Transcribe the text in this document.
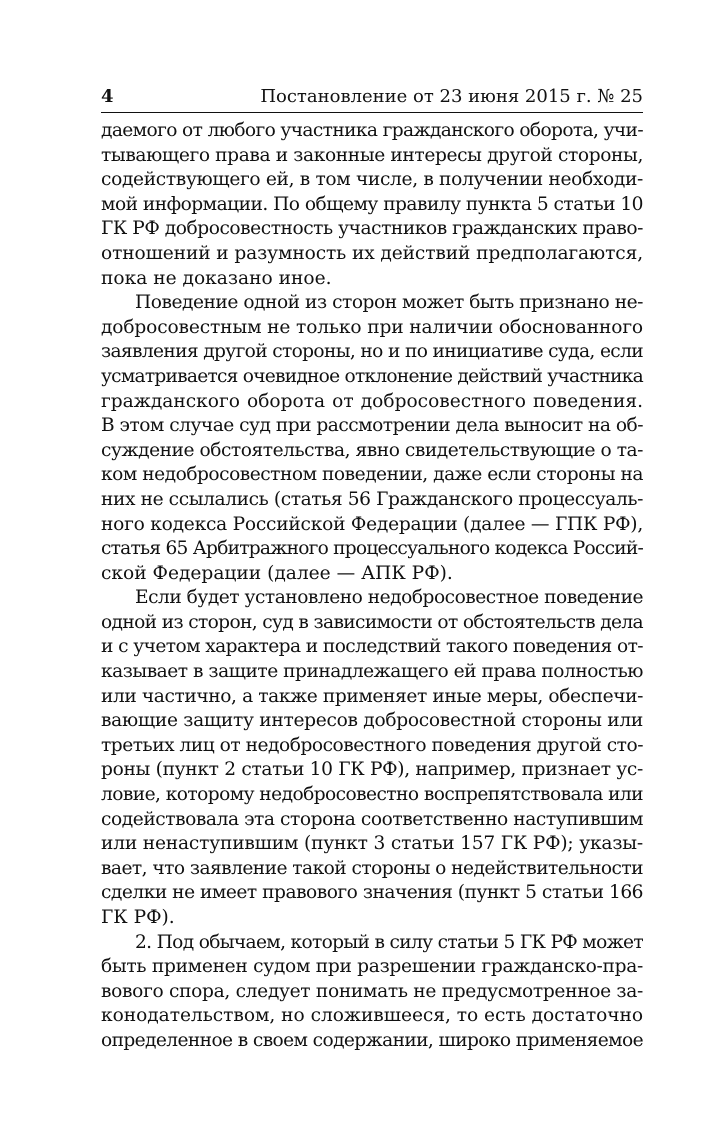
4	Постановление от 23 июня 2015 г. № 25
даемого от любого участника гражданского оборота, учи-
тывающего права и законные интересы другой стороны,
содействующего ей, в том числе, в получении необходи-
мой информации. По общему правилу пункта 5 статьи 10
ГК РФ добросовестность участников гражданских право-
отношений и разумность их действий предполагаются,
пока не доказано иное.
Поведение одной из сторон может быть признано не-
добросовестным не только при наличии обоснованного
заявления другой стороны, но и по инициативе суда, если
усматривается очевидное отклонение действий участника
гражданского оборота от добросовестного поведения.
В этом случае суд при рассмотрении дела выносит на об-
суждение обстоятельства, явно свидетельствующие о та-
ком недобросовестном поведении, даже если стороны на
них не ссылались (статья 56 Гражданского процессуаль-
ного кодекса Российской Федерации (далее — ГПК РФ),
статья 65 Арбитражного процессуального кодекса Россий-
ской Федерации (далее — АПК РФ).
Если будет установлено недобросовестное поведение
одной из сторон, суд в зависимости от обстоятельств дела
и с учетом характера и последствий такого поведения от-
казывает в защите принадлежащего ей права полностью
или частично, а также применяет иные меры, обеспечи-
вающие защиту интересов добросовестной стороны или
третьих лиц от недобросовестного поведения другой сто-
роны (пункт 2 статьи 10 ГК РФ), например, признает ус-
ловие, которому недобросовестно воспрепятствовала или
содействовала эта сторона соответственно наступившим
или ненаступившим (пункт 3 статьи 157 ГК РФ); указы-
вает, что заявление такой стороны о недействительности
сделки не имеет правового значения (пункт 5 статьи 166
ГК РФ).
2. Под обычаем, который в силу статьи 5 ГК РФ может
быть применен судом при разрешении гражданско-пра-
вового спора, следует понимать не предусмотренное за-
конодательством, но сложившееся, то есть достаточно
определенное в своем содержании, широко применяемое
